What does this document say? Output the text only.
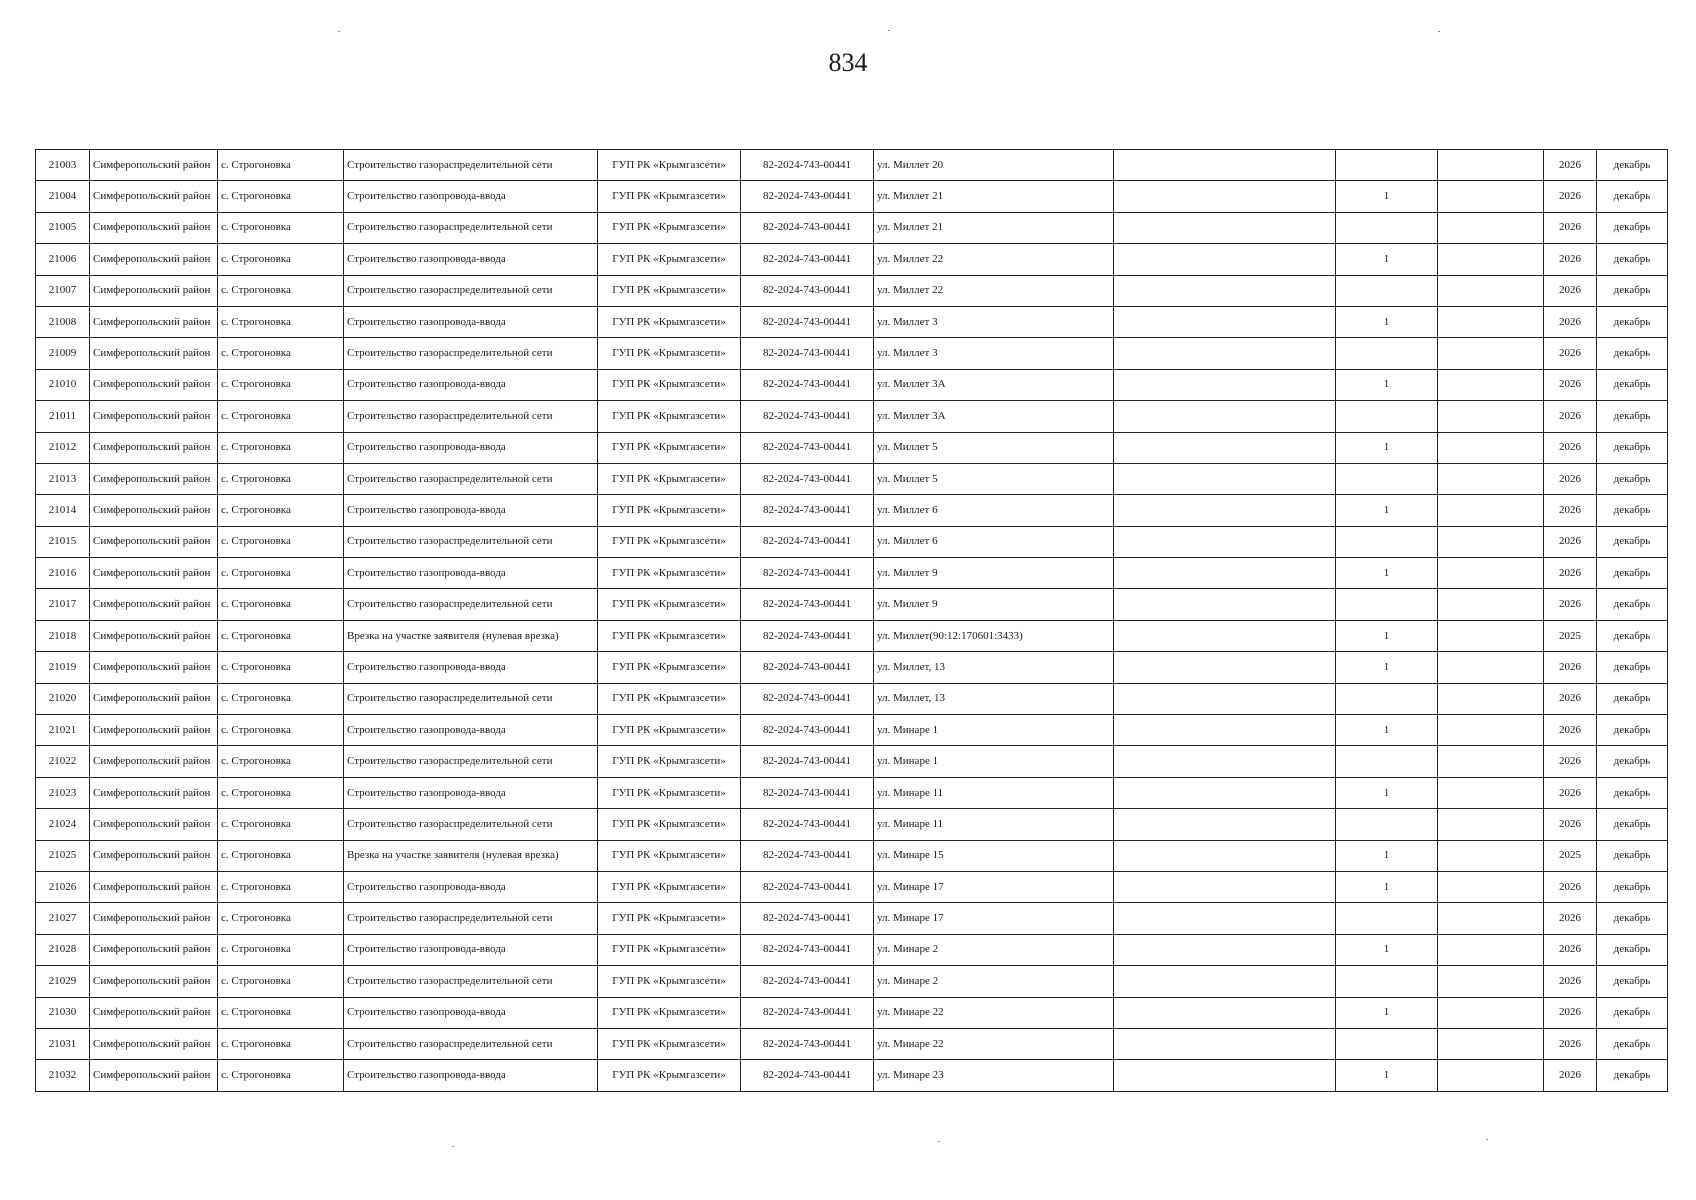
834
21003	Симферопольский район	с. Строгоновка	Строительство газораспределительной сети	ГУП РК «Крымгазсети»	82-2024-743-00441	ул. Миллет 20				2026	декабрь
21004	Симферопольский район	с. Строгоновка	Строительство газопровода-ввода	ГУП РК «Крымгазсети»	82-2024-743-00441	ул. Миллет 21		1		2026	декабрь
21005	Симферопольский район	с. Строгоновка	Строительство газораспределительной сети	ГУП РК «Крымгазсети»	82-2024-743-00441	ул. Миллет 21				2026	декабрь
21006	Симферопольский район	с. Строгоновка	Строительство газопровода-ввода	ГУП РК «Крымгазсети»	82-2024-743-00441	ул. Миллет 22		1		2026	декабрь
21007	Симферопольский район	с. Строгоновка	Строительство газораспределительной сети	ГУП РК «Крымгазсети»	82-2024-743-00441	ул. Миллет 22				2026	декабрь
21008	Симферопольский район	с. Строгоновка	Строительство газопровода-ввода	ГУП РК «Крымгазсети»	82-2024-743-00441	ул. Миллет 3		1		2026	декабрь
21009	Симферопольский район	с. Строгоновка	Строительство газораспределительной сети	ГУП РК «Крымгазсети»	82-2024-743-00441	ул. Миллет 3				2026	декабрь
21010	Симферопольский район	с. Строгоновка	Строительство газопровода-ввода	ГУП РК «Крымгазсети»	82-2024-743-00441	ул. Миллет 3А		1		2026	декабрь
21011	Симферопольский район	с. Строгоновка	Строительство газораспределительной сети	ГУП РК «Крымгазсети»	82-2024-743-00441	ул. Миллет 3А				2026	декабрь
21012	Симферопольский район	с. Строгоновка	Строительство газопровода-ввода	ГУП РК «Крымгазсети»	82-2024-743-00441	ул. Миллет 5		1		2026	декабрь
21013	Симферопольский район	с. Строгоновка	Строительство газораспределительной сети	ГУП РК «Крымгазсети»	82-2024-743-00441	ул. Миллет 5				2026	декабрь
21014	Симферопольский район	с. Строгоновка	Строительство газопровода-ввода	ГУП РК «Крымгазсети»	82-2024-743-00441	ул. Миллет 6		1		2026	декабрь
21015	Симферопольский район	с. Строгоновка	Строительство газораспределительной сети	ГУП РК «Крымгазсети»	82-2024-743-00441	ул. Миллет 6				2026	декабрь
21016	Симферопольский район	с. Строгоновка	Строительство газопровода-ввода	ГУП РК «Крымгазсети»	82-2024-743-00441	ул. Миллет 9		1		2026	декабрь
21017	Симферопольский район	с. Строгоновка	Строительство газораспределительной сети	ГУП РК «Крымгазсети»	82-2024-743-00441	ул. Миллет 9				2026	декабрь
21018	Симферопольский район	с. Строгоновка	Врезка на участке заявителя (нулевая врезка)	ГУП РК «Крымгазсети»	82-2024-743-00441	ул. Миллет(90:12:170601:3433)		1		2025	декабрь
21019	Симферопольский район	с. Строгоновка	Строительство газопровода-ввода	ГУП РК «Крымгазсети»	82-2024-743-00441	ул. Миллет, 13		1		2026	декабрь
21020	Симферопольский район	с. Строгоновка	Строительство газораспределительной сети	ГУП РК «Крымгазсети»	82-2024-743-00441	ул. Миллет, 13				2026	декабрь
21021	Симферопольский район	с. Строгоновка	Строительство газопровода-ввода	ГУП РК «Крымгазсети»	82-2024-743-00441	ул. Минаре 1		1		2026	декабрь
21022	Симферопольский район	с. Строгоновка	Строительство газораспределительной сети	ГУП РК «Крымгазсети»	82-2024-743-00441	ул. Минаре 1				2026	декабрь
21023	Симферопольский район	с. Строгоновка	Строительство газопровода-ввода	ГУП РК «Крымгазсети»	82-2024-743-00441	ул. Минаре 11		1		2026	декабрь
21024	Симферопольский район	с. Строгоновка	Строительство газораспределительной сети	ГУП РК «Крымгазсети»	82-2024-743-00441	ул. Минаре 11				2026	декабрь
21025	Симферопольский район	с. Строгоновка	Врезка на участке заявителя (нулевая врезка)	ГУП РК «Крымгазсети»	82-2024-743-00441	ул. Минаре 15		1		2025	декабрь
21026	Симферопольский район	с. Строгоновка	Строительство газопровода-ввода	ГУП РК «Крымгазсети»	82-2024-743-00441	ул. Минаре 17		1		2026	декабрь
21027	Симферопольский район	с. Строгоновка	Строительство газораспределительной сети	ГУП РК «Крымгазсети»	82-2024-743-00441	ул. Минаре 17				2026	декабрь
21028	Симферопольский район	с. Строгоновка	Строительство газопровода-ввода	ГУП РК «Крымгазсети»	82-2024-743-00441	ул. Минаре 2		1		2026	декабрь
21029	Симферопольский район	с. Строгоновка	Строительство газораспределительной сети	ГУП РК «Крымгазсети»	82-2024-743-00441	ул. Минаре 2				2026	декабрь
21030	Симферопольский район	с. Строгоновка	Строительство газопровода-ввода	ГУП РК «Крымгазсети»	82-2024-743-00441	ул. Минаре 22		1		2026	декабрь
21031	Симферопольский район	с. Строгоновка	Строительство газораспределительной сети	ГУП РК «Крымгазсети»	82-2024-743-00441	ул. Минаре 22				2026	декабрь
21032	Симферопольский район	с. Строгоновка	Строительство газопровода-ввода	ГУП РК «Крымгазсети»	82-2024-743-00441	ул. Минаре 23		1		2026	декабрь
